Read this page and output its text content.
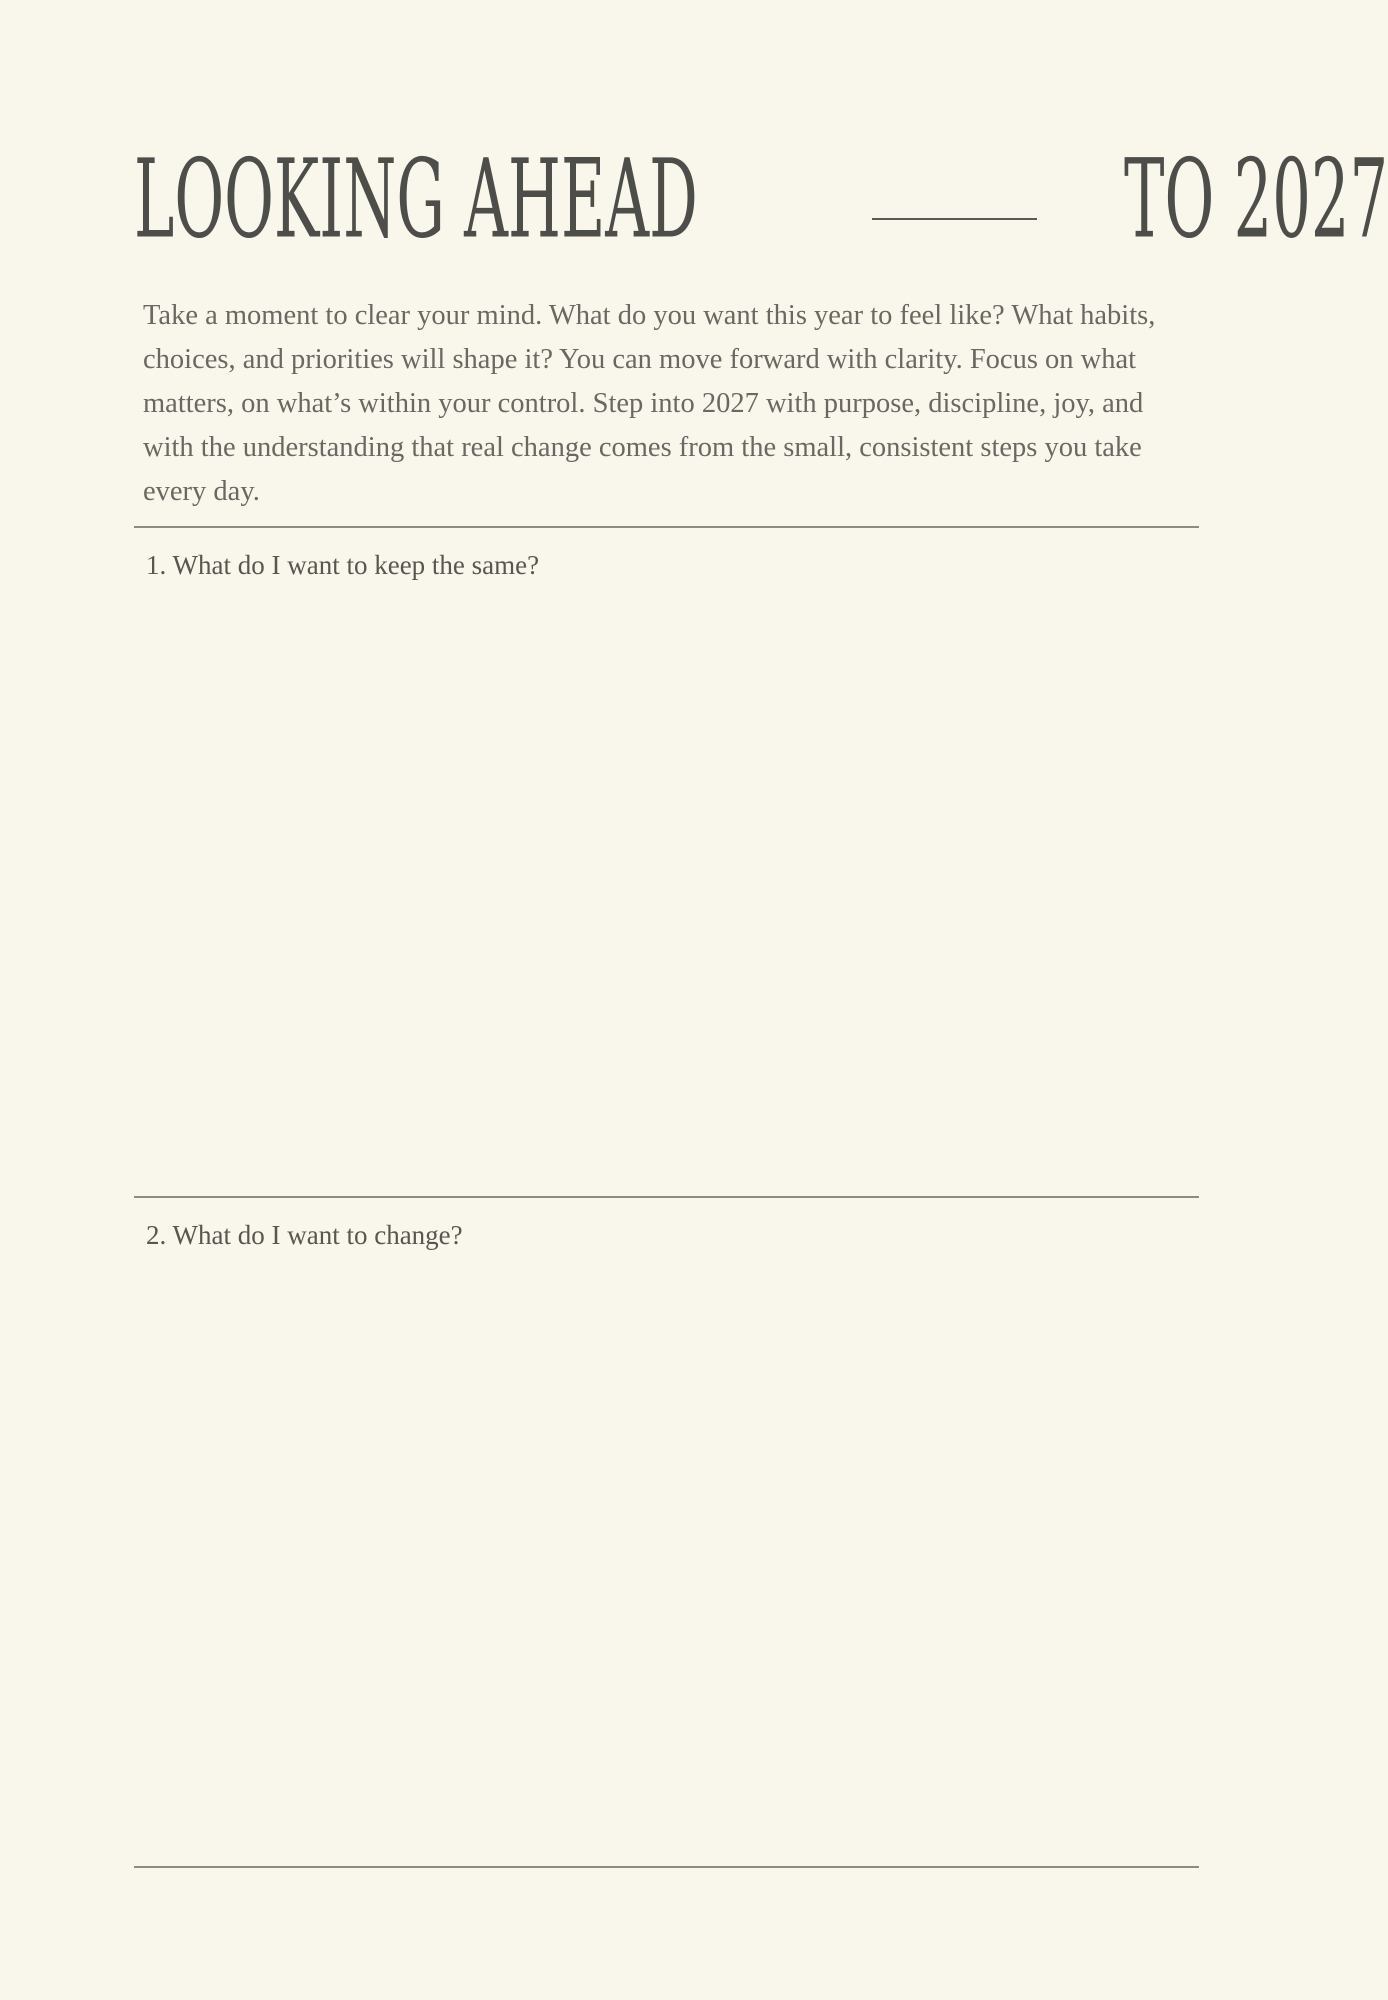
LOOKING AHEAD	TO 2027

Take a moment to clear your mind. What do you want this year to feel like? What habits, choices, and priorities will shape it? You can move forward with clarity. Focus on what matters, on what’s within your control. Step into 2027 with purpose, discipline, joy, and with the understanding that real change comes from the small, consistent steps you take every day.

1. What do I want to keep the same?

2. What do I want to change?
